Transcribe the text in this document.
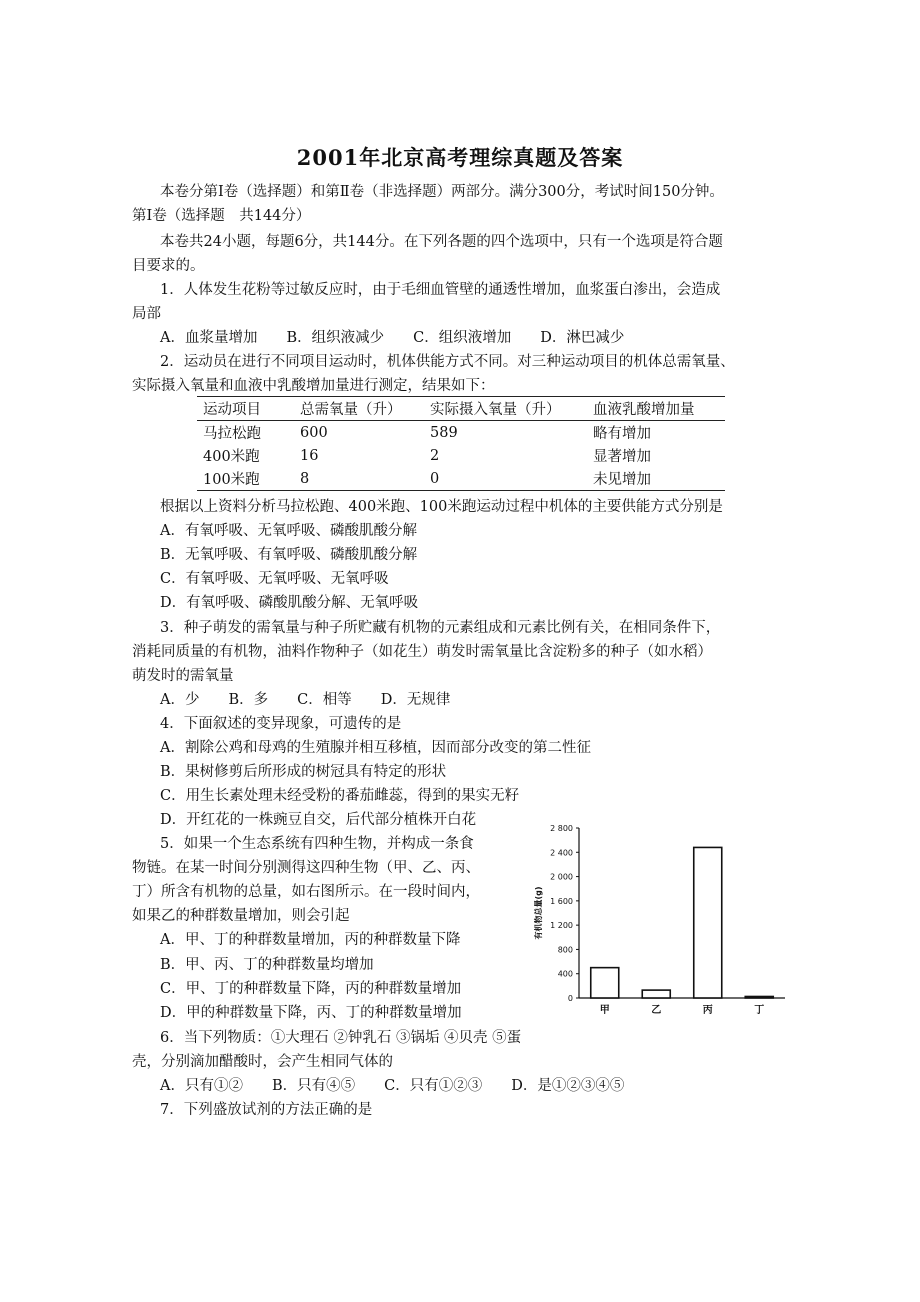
2001年北京高考理综真题及答案
本卷分第Ⅰ卷（选择题）和第Ⅱ卷（非选择题）两部分。满分300分，考试时间150分钟。
第Ⅰ卷（选择题　共144分）
本卷共24小题，每题6分，共144分。在下列各题的四个选项中，只有一个选项是符合题
目要求的。
1．人体发生花粉等过敏反应时，由于毛细血管壁的通透性增加，血浆蛋白渗出，会造成
局部
A．血浆量增加　　B．组织液减少　　C．组织液增加　　D．淋巴减少
2．运动员在进行不同项目运动时，机体供能方式不同。对三种运动项目的机体总需氧量、
实际摄入氧量和血液中乳酸增加量进行测定，结果如下：
运动项目	总需氧量（升）	实际摄入氧量（升）	血液乳酸增加量
马拉松跑	600	589	略有增加
400米跑	16	2	显著增加
100米跑	8	0	未见增加
根据以上资料分析马拉松跑、400米跑、100米跑运动过程中机体的主要供能方式分别是
A．有氧呼吸、无氧呼吸、磷酸肌酸分解
B．无氧呼吸、有氧呼吸、磷酸肌酸分解
C．有氧呼吸、无氧呼吸、无氧呼吸
D．有氧呼吸、磷酸肌酸分解、无氧呼吸
3．种子萌发的需氧量与种子所贮藏有机物的元素组成和元素比例有关，在相同条件下，
消耗同质量的有机物，油料作物种子（如花生）萌发时需氧量比含淀粉多的种子（如水稻）
萌发时的需氧量
A．少　　B．多　　C．相等　　D．无规律
4．下面叙述的变异现象，可遗传的是
A．割除公鸡和母鸡的生殖腺并相互移植，因而部分改变的第二性征
B．果树修剪后所形成的树冠具有特定的形状
C．用生长素处理未经受粉的番茄雌蕊，得到的果实无籽
D．开红花的一株豌豆自交，后代部分植株开白花
5．如果一个生态系统有四种生物，并构成一条食
物链。在某一时间分别测得这四种生物（甲、乙、丙、
丁）所含有机物的总量，如右图所示。在一段时间内，
如果乙的种群数量增加，则会引起
A．甲、丁的种群数量增加，丙的种群数量下降
B．甲、丙、丁的种群数量均增加
C．甲、丁的种群数量下降，丙的种群数量增加
D．甲的种群数量下降，丙、丁的种群数量增加
6．当下列物质：①大理石 ②钟乳石 ③锅垢 ④贝壳 ⑤蛋
壳，分别滴加醋酸时，会产生相同气体的
A．只有①②　　B．只有④⑤　　C．只有①②③　　D．是①②③④⑤
7．下列盛放试剂的方法正确的是
0
400
800
1 200
1 600
2 000
2 400
2 800
有机物总量(g)
甲	乙	丙	丁
